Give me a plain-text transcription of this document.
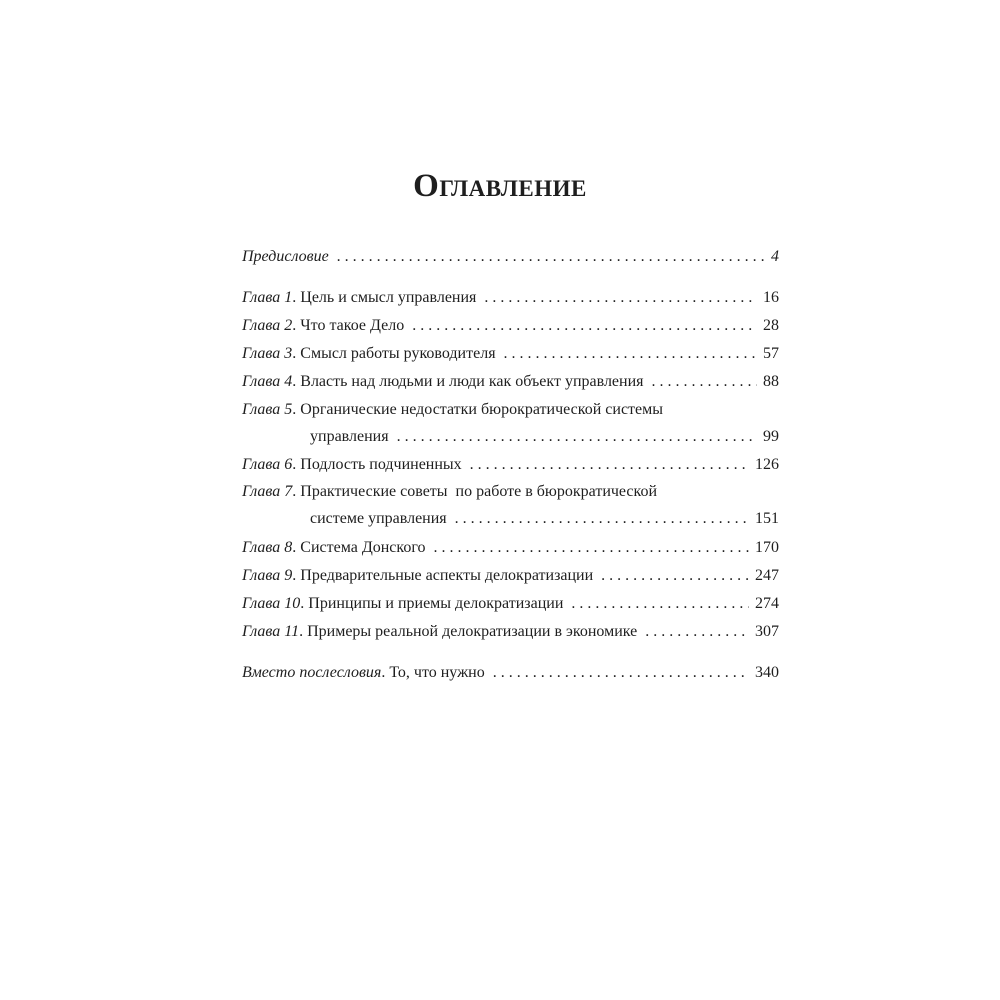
Оглавление
Предисловие . . .	4
Глава 1 . Цель и смысл управления . . .	16
Глава 2 . Что такое Дело . . .	28
Глава 3 . Смысл работы руководителя . . .	57
Глава 4 . Власть над людьми и люди как объект управления . . .	88
Глава 5. Органические недостатки бюрократической системы
управления . . .	99
Глава 6 . Подлость подчиненных . . .	126
Глава 7. Практические советы  по работе в бюрократической
системе управления . . .	151
Глава 8 . Система Донского . . .	170
Глава 9 . Предварительные аспекты делократизации . . .	247
Глава 10 . Принципы и приемы делократизации . . .	274
Глава 11 . Примеры реальной делократизации в экономике . . .	307
Вместо послесловия . То, что нужно . . .	340
